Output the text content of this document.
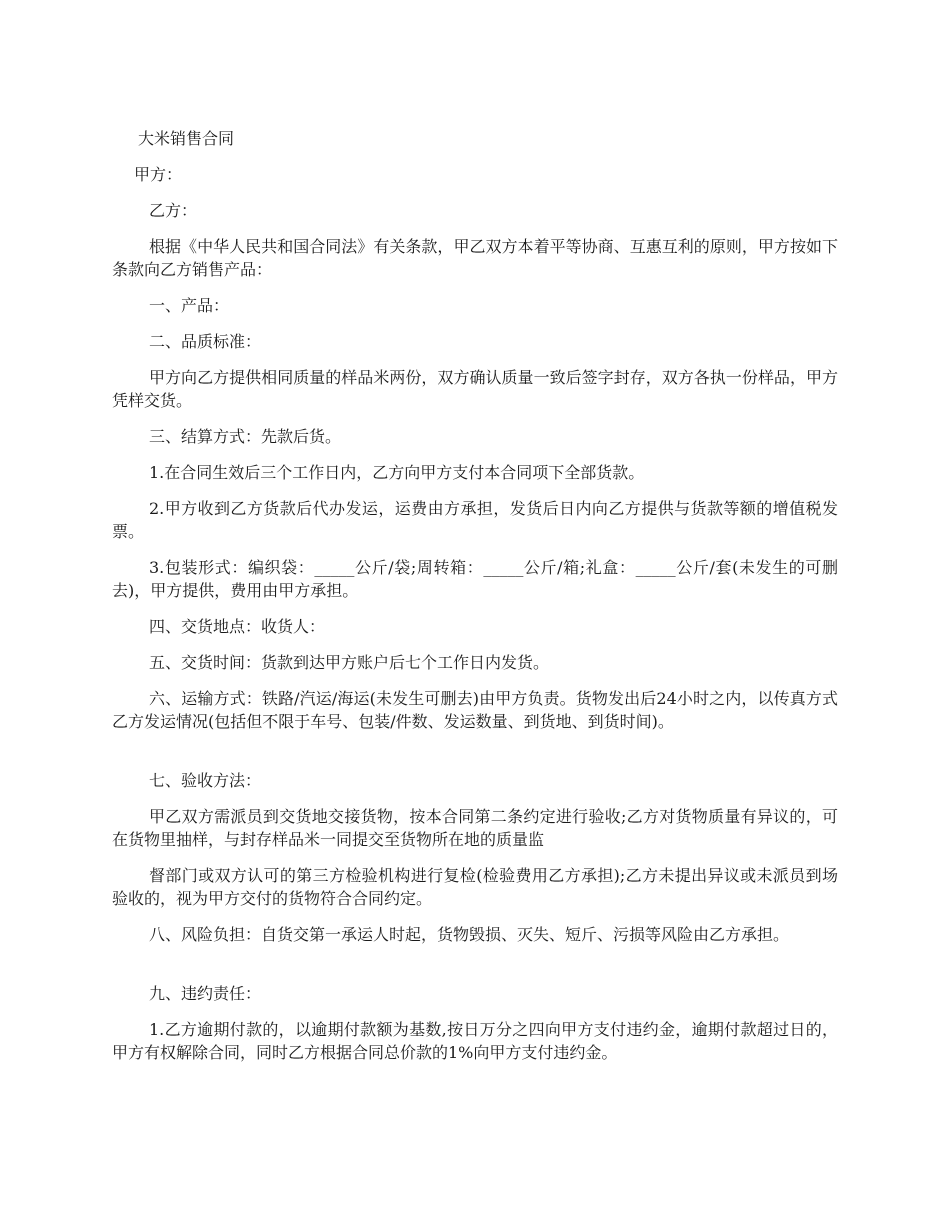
大米销售合同

甲方：

乙方：

根据《中华人民共和国合同法》有关条款，甲乙双方本着平等协商、互惠互利的原则，甲方按如下条款向乙方销售产品：

一、产品：

二、品质标准：

甲方向乙方提供相同质量的样品米两份，双方确认质量一致后签字封存，双方各执一份样品，甲方凭样交货。

三、结算方式：先款后货。

1.在合同生效后三个工作日内，乙方向甲方支付本合同项下全部货款。

2.甲方收到乙方货款后代办发运，运费由方承担，发货后日内向乙方提供与货款等额的增值税发票。

3.包装形式：编织袋：_____公斤/袋;周转箱：_____公斤/箱;礼盒：_____公斤/套(未发生的可删去)，甲方提供，费用由甲方承担。

四、交货地点：收货人：

五、交货时间：货款到达甲方账户后七个工作日内发货。

六、运输方式：铁路/汽运/海运(未发生可删去)由甲方负责。货物发出后24小时之内，以传真方式乙方发运情况(包括但不限于车号、包装/件数、发运数量、到货地、到货时间)。

七、验收方法：

甲乙双方需派员到交货地交接货物，按本合同第二条约定进行验收;乙方对货物质量有异议的，可在货物里抽样，与封存样品米一同提交至货物所在地的质量监

督部门或双方认可的第三方检验机构进行复检(检验费用乙方承担);乙方未提出异议或未派员到场验收的，视为甲方交付的货物符合合同约定。

八、风险负担：自货交第一承运人时起，货物毁损、灭失、短斤、污损等风险由乙方承担。

九、违约责任：

1.乙方逾期付款的，以逾期付款额为基数,按日万分之四向甲方支付违约金，逾期付款超过日的，甲方有权解除合同，同时乙方根据合同总价款的1%向甲方支付违约金。
